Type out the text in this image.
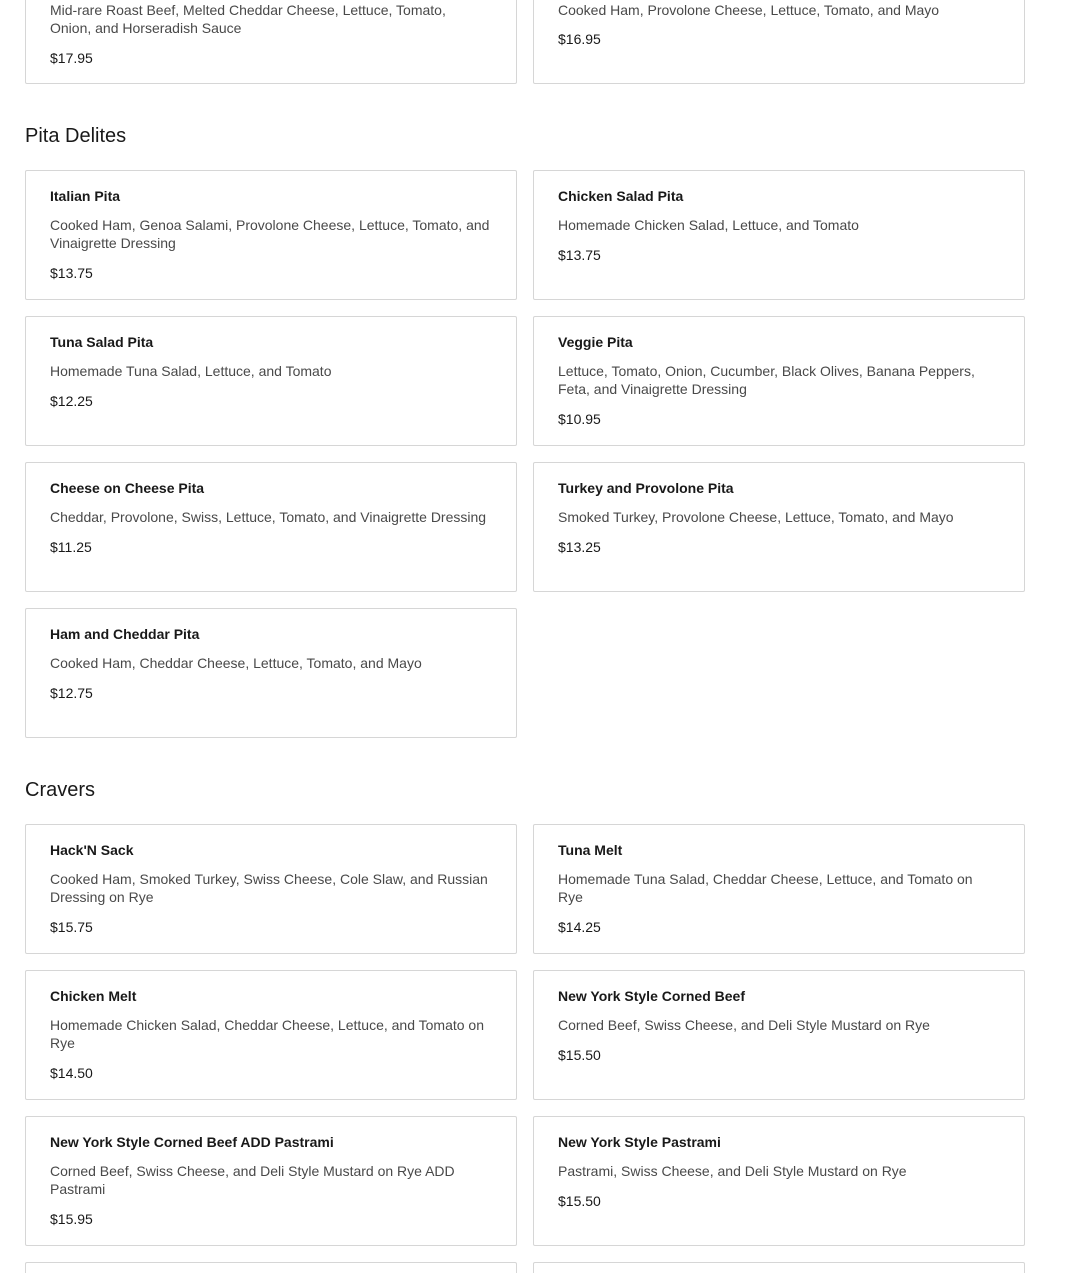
Mid-rare Roast Beef, Melted Cheddar Cheese, Lettuce, Tomato, Onion, and Horseradish Sauce
$17.95
Cooked Ham, Provolone Cheese, Lettuce, Tomato, and Mayo
$16.95
Pita Delites
Italian Pita
Cooked Ham, Genoa Salami, Provolone Cheese, Lettuce, Tomato, and Vinaigrette Dressing
$13.75
Chicken Salad Pita
Homemade Chicken Salad, Lettuce, and Tomato
$13.75
Tuna Salad Pita
Homemade Tuna Salad, Lettuce, and Tomato
$12.25
Veggie Pita
Lettuce, Tomato, Onion, Cucumber, Black Olives, Banana Peppers, Feta, and Vinaigrette Dressing
$10.95
Cheese on Cheese Pita
Cheddar, Provolone, Swiss, Lettuce, Tomato, and Vinaigrette Dressing
$11.25
Turkey and Provolone Pita
Smoked Turkey, Provolone Cheese, Lettuce, Tomato, and Mayo
$13.25
Ham and Cheddar Pita
Cooked Ham, Cheddar Cheese, Lettuce, Tomato, and Mayo
$12.75
Cravers
Hack'N Sack
Cooked Ham, Smoked Turkey, Swiss Cheese, Cole Slaw, and Russian Dressing on Rye
$15.75
Tuna Melt
Homemade Tuna Salad, Cheddar Cheese, Lettuce, and Tomato on Rye
$14.25
Chicken Melt
Homemade Chicken Salad, Cheddar Cheese, Lettuce, and Tomato on Rye
$14.50
New York Style Corned Beef
Corned Beef, Swiss Cheese, and Deli Style Mustard on Rye
$15.50
New York Style Corned Beef ADD Pastrami
Corned Beef, Swiss Cheese, and Deli Style Mustard on Rye ADD Pastrami
$15.95
New York Style Pastrami
Pastrami, Swiss Cheese, and Deli Style Mustard on Rye
$15.50
